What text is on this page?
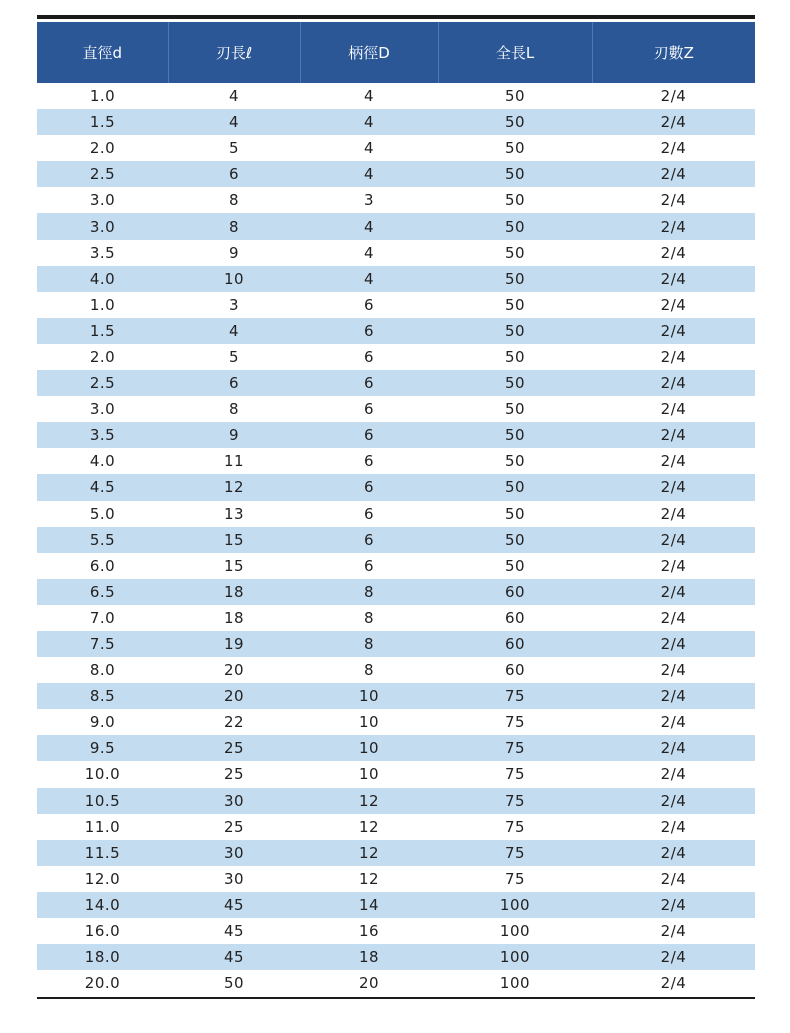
直徑d	刃長ℓ	柄徑D	全長L	刃數Z
1.0	4	4	50	2/4
1.5	4	4	50	2/4
2.0	5	4	50	2/4
2.5	6	4	50	2/4
3.0	8	3	50	2/4
3.0	8	4	50	2/4
3.5	9	4	50	2/4
4.0	10	4	50	2/4
1.0	3	6	50	2/4
1.5	4	6	50	2/4
2.0	5	6	50	2/4
2.5	6	6	50	2/4
3.0	8	6	50	2/4
3.5	9	6	50	2/4
4.0	11	6	50	2/4
4.5	12	6	50	2/4
5.0	13	6	50	2/4
5.5	15	6	50	2/4
6.0	15	6	50	2/4
6.5	18	8	60	2/4
7.0	18	8	60	2/4
7.5	19	8	60	2/4
8.0	20	8	60	2/4
8.5	20	10	75	2/4
9.0	22	10	75	2/4
9.5	25	10	75	2/4
10.0	25	10	75	2/4
10.5	30	12	75	2/4
11.0	25	12	75	2/4
11.5	30	12	75	2/4
12.0	30	12	75	2/4
14.0	45	14	100	2/4
16.0	45	16	100	2/4
18.0	45	18	100	2/4
20.0	50	20	100	2/4
